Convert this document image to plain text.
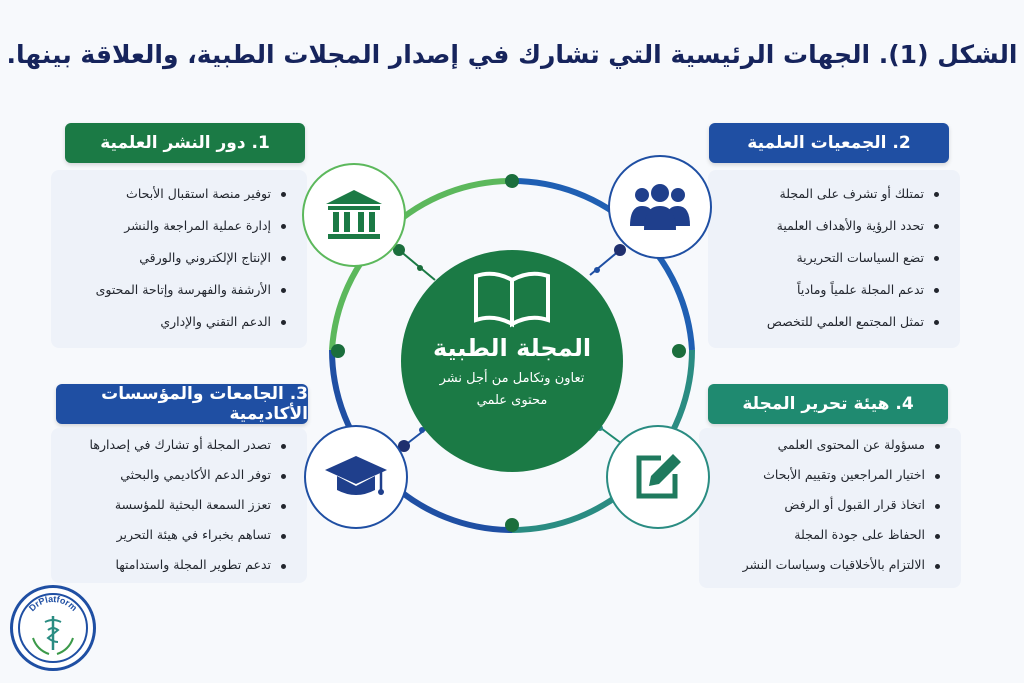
الشكل (1). الجهات الرئيسية التي تشارك في إصدار المجلات الطبية، والعلاقة بينها.
1. دور النشر العلمية
توفير منصة استقبال الأبحاث
إدارة عملية المراجعة والنشر
الإنتاج الإلكتروني والورقي
الأرشفة والفهرسة وإتاحة المحتوى
الدعم التقني والإداري
2. الجمعيات العلمية
تمتلك أو تشرف على المجلة
تحدد الرؤية والأهداف العلمية
تضع السياسات التحريرية
تدعم المجلة علمياً ومادياً
تمثل المجتمع العلمي للتخصص
3. الجامعات والمؤسسات الأكاديمية
تصدر المجلة أو تشارك في إصدارها
توفر الدعم الأكاديمي والبحثي
تعزز السمعة البحثية للمؤسسة
تساهم بخبراء في هيئة التحرير
تدعم تطوير المجلة واستدامتها
4. هيئة تحرير المجلة
مسؤولة عن المحتوى العلمي
اختيار المراجعين وتقييم الأبحاث
اتخاذ قرار القبول أو الرفض
الحفاظ على جودة المجلة
الالتزام بالأخلاقيات وسياسات النشر
المجلة الطبية
تعاون وتكامل من أجل نشر محتوى علمي
DrPlatform
